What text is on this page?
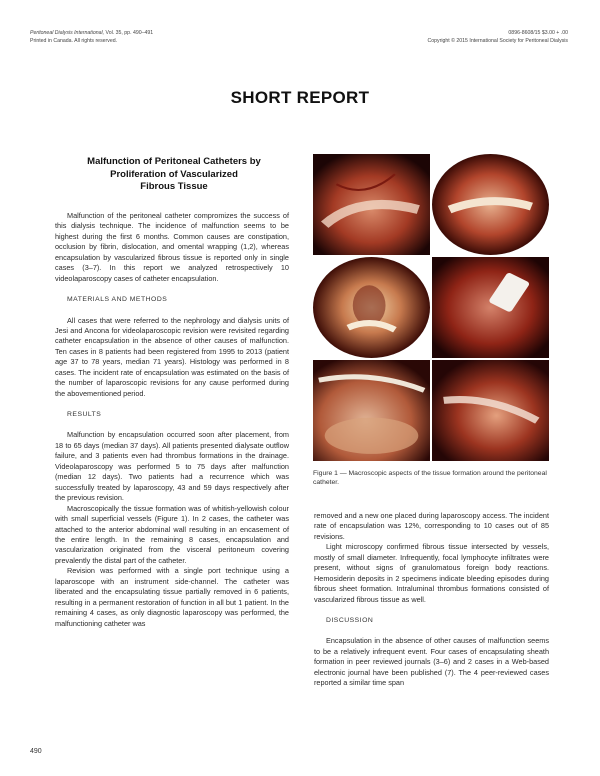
Peritoneal Dialysis International, Vol. 35, pp. 490–491
Printed in Canada. All rights reserved.
0896-8608/15 $3.00 + .00
Copyright © 2015 International Society for Peritoneal Dialysis
SHORT REPORT
Malfunction of Peritoneal Catheters by
Proliferation of Vascularized
Fibrous Tissue

Malfunction of the peritoneal catheter compromizes the success of this dialysis technique. The incidence of malfunction seems to be highest during the first 6 months. Common causes are constipation, occlusion by fibrin, dislocation, and omental wrapping (1,2), whereas encapsulation by vascularized fibrous tissue is reported only in single cases (3–7). In this report we analyzed retrospectively 10 videolaparoscopy cases of catheter encapsulation.

MATERIALS AND METHODS

All cases that were referred to the nephrology and dialysis units of Jesi and Ancona for videolaparoscopic revision were revisited regarding catheter encapsulation in the absence of other causes of malfunction. Ten cases in 8 patients had been registered from 1995 to 2013 (patient age 37 to 78 years, median 71 years). Histology was performed in 8 cases. The incident rate of encapsulation was estimated on the basis of the number of laparoscopic revisions for any cause performed during the abovementioned period.

RESULTS

Malfunction by encapsulation occurred soon after placement, from 18 to 65 days (median 37 days). All patients presented dialysate outflow failure, and 3 patients even had thrombus formations in the drainage. Videolaparoscopy was performed 5 to 75 days after malfunction (median 12 days). Two patients had a recurrence which was successfully treated by laparoscopy, 43 and 59 days respectively after the previous revision.

Macroscopically the tissue formation was of whitish-yellowish colour with small superficial vessels (Figure 1). In 2 cases, the catheter was attached to the anterior abdominal wall resulting in an encasement of the entire length. In the remaining 8 cases, encapsulation and vascularization originated from the visceral peritoneum covering prevalently the distal part of the catheter.

Revision was performed with a single port technique using a laparoscope with an instrument side-channel. The catheter was liberated and the encapsulating tissue partially removed in 6 patients, resulting in a permanent restoration of function in all but 1 patient. In the remaining 4 cases, as only diagnostic laparoscopy was performed, the malfunctioning catheter was

Figure 1 — Macroscopic aspects of the tissue formation around the peritoneal catheter.

removed and a new one placed during laparoscopy access. The incident rate of encapsulation was 12%, corresponding to 10 cases out of 85 revisions.

Light microscopy confirmed fibrous tissue intersected by vessels, mostly of small diameter. Infrequently, focal lymphocyte infiltrates were present, without signs of granulomatous foreign body reactions. Hemosiderin deposits in 2 specimens indicate bleeding episodes during fibrous sheet formation. Intraluminal thrombus formations consisted of vascularized fibrous tissue as well.

DISCUSSION

Encapsulation in the absence of other causes of malfunction seems to be a relatively infrequent event. Four cases of encapsulating sheath formation in peer reviewed journals (3–6) and 2 cases in a Web-based electronic journal have been published (7). The 4 peer-reviewed cases reported a similar time span

490
